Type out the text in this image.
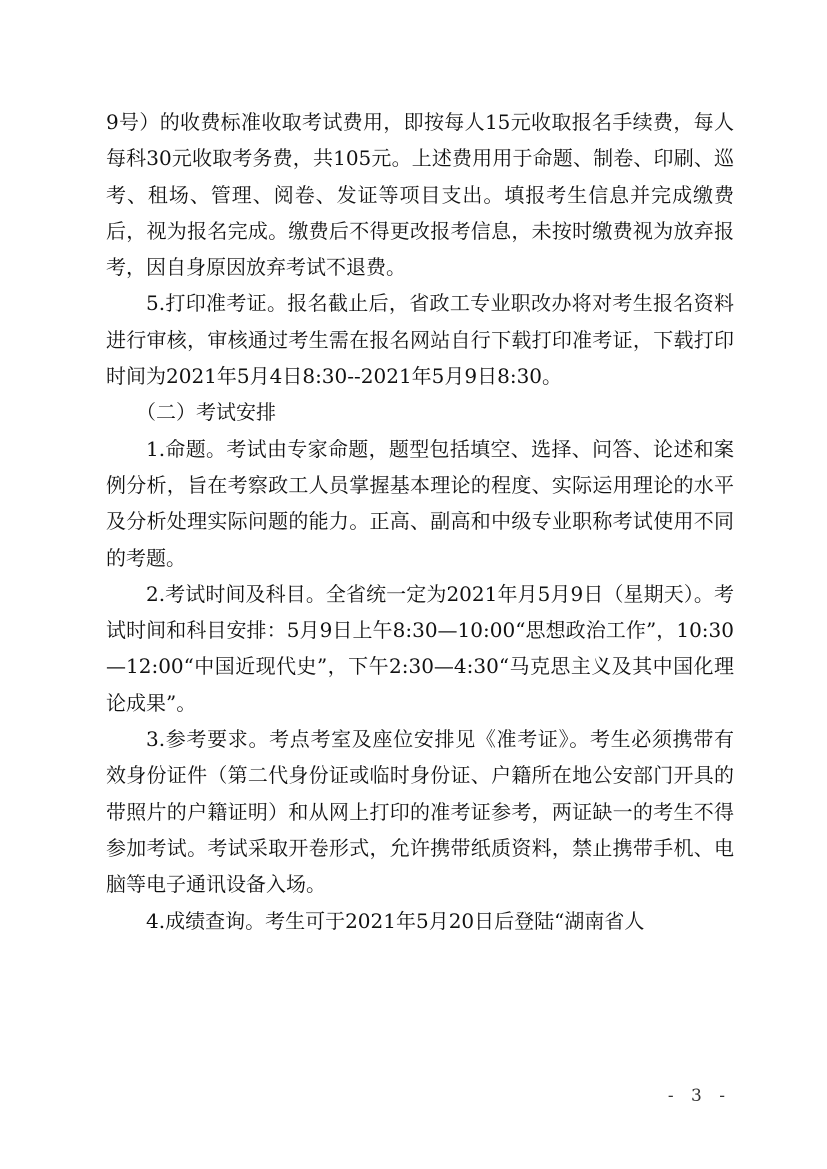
9号）的收费标准收取考试费用，即按每人15元收取报名手续费，每人每科30元收取考务费，共105元。上述费用用于命题、制卷、印刷、巡考、租场、管理、阅卷、发证等项目支出。填报考生信息并完成缴费后，视为报名完成。缴费后不得更改报考信息，未按时缴费视为放弃报考，因自身原因放弃考试不退费。

5.打印准考证。报名截止后，省政工专业职改办将对考生报名资料进行审核，审核通过考生需在报名网站自行下载打印准考证，下载打印时间为2021年5月4日8:30--2021年5月9日8:30。

（二）考试安排

1.命题。考试由专家命题，题型包括填空、选择、问答、论述和案例分析，旨在考察政工人员掌握基本理论的程度、实际运用理论的水平及分析处理实际问题的能力。正高、副高和中级专业职称考试使用不同的考题。

2.考试时间及科目。全省统一定为2021年月5月9日（星期天）。考试时间和科目安排：5月9日上午8:30—10:00“思想政治工作”，10:30—12:00“中国近现代史”，下午2:30—4:30“马克思主义及其中国化理论成果”。

3.参考要求。考点考室及座位安排见《准考证》。考生必须携带有效身份证件（第二代身份证或临时身份证、户籍所在地公安部门开具的带照片的户籍证明）和从网上打印的准考证参考，两证缺一的考生不得参加考试。考试采取开卷形式，允许携带纸质资料，禁止携带手机、电脑等电子通讯设备入场。

4.成绩查询。考生可于2021年5月20日后登陆“湖南省人

- 3 -
